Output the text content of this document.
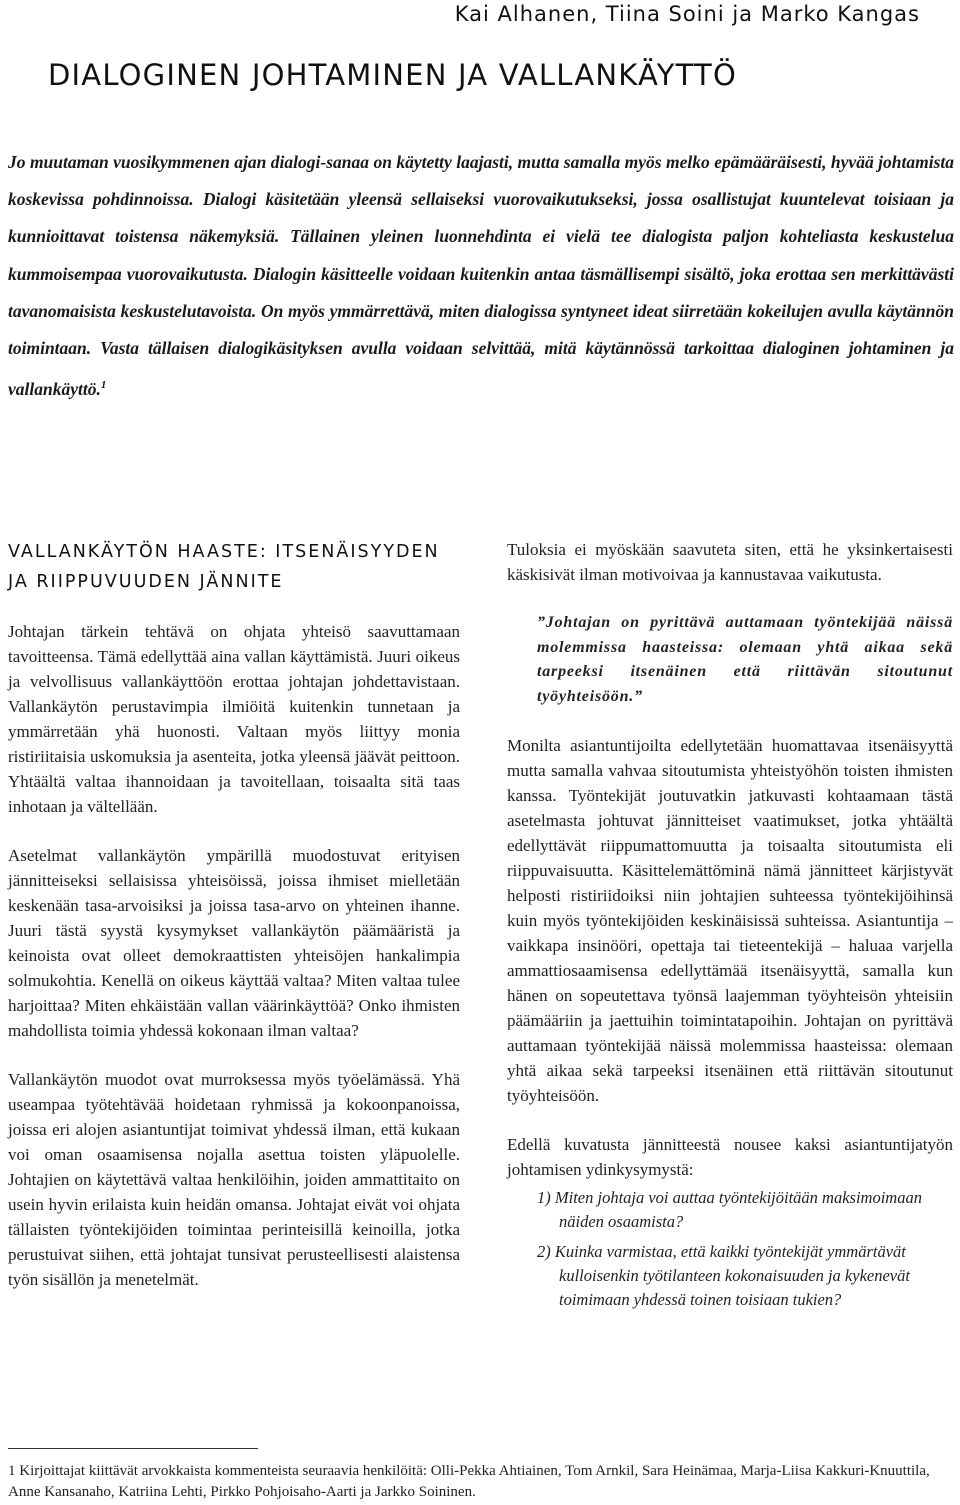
Kai Alhanen, Tiina Soini ja Marko Kangas
DIALOGINEN JOHTAMINEN JA VALLANKÄYTTÖ

Jo muutaman vuosikymmenen ajan dialogi-sanaa on käytetty laajasti, mutta samalla myös melko epämääräisesti, hyvää johtamista koskevissa pohdinnoissa. Dialogi käsitetään yleensä sellaiseksi vuorovaikutukseksi, jossa osallistujat kuuntelevat toisiaan ja kunnioittavat toistensa näkemyksiä. Tällainen yleinen luonnehdinta ei vielä tee dialogista paljon kohteliasta keskustelua kummoisempaa vuorovaikutusta. Dialogin käsitteelle voidaan kuitenkin antaa täsmällisempi sisältö, joka erottaa sen merkittävästi tavanomaisista keskustelutavoista. On myös ymmärrettävä, miten dialogissa syntyneet ideat siirretään kokeilujen avulla käytännön toimintaan. Vasta tällaisen dialogikäsityksen avulla voidaan selvittää, mitä käytännössä tarkoittaa dialoginen johtaminen ja vallankäyttö.$^1$

VALLANKÄYTÖN HAASTE: ITSENÄISYYDEN
JA RIIPPUVUUDEN JÄNNITE

Johtajan tärkein tehtävä on ohjata yhteisö saavuttamaan tavoitteensa. Tämä edellyttää aina vallan käyttämistä. Juuri oikeus ja velvollisuus vallankäyttöön erottaa johtajan johdettavistaan. Vallankäytön perustavimpia ilmiöitä kuitenkin tunnetaan ja ymmärretään yhä huonosti. Valtaan myös liittyy monia ristiriitaisia uskomuksia ja asenteita, jotka yleensä jäävät peittoon. Yhtäältä valtaa ihannoidaan ja tavoitellaan, toisaalta sitä taas inhotaan ja vältellään.

Asetelmat vallankäytön ympärillä muodostuvat erityisen jännitteiseksi sellaisissa yhteisöissä, joissa ihmiset mielletään keskenään tasa-arvoisiksi ja joissa tasa-arvo on yhteinen ihanne. Juuri tästä syystä kysymykset vallankäytön päämääristä ja keinoista ovat olleet demokraattisten yhteisöjen hankalimpia solmukohtia. Kenellä on oikeus käyttää valtaa? Miten valtaa tulee harjoittaa? Miten ehkäistään vallan väärinkäyttöä? Onko ihmisten mahdollista toimia yhdessä kokonaan ilman valtaa?

Vallankäytön muodot ovat murroksessa myös työelämässä. Yhä useampaa työtehtävää hoidetaan ryhmissä ja kokoonpanoissa, joissa eri alojen asiantuntijat toimivat yhdessä ilman, että kukaan voi oman osaamisensa nojalla asettua toisten yläpuolelle. Johtajien on käytettävä valtaa henkilöihin, joiden ammattitaito on usein hyvin erilaista kuin heidän omansa. Johtajat eivät voi ohjata tällaisten työntekijöiden toimintaa perinteisillä keinoilla, jotka perustuivat siihen, että johtajat tunsivat perusteellisesti alaistensa työn sisällön ja menetelmät.

Tuloksia ei myöskään saavuteta siten, että he yksinkertaisesti käskisivät ilman motivoivaa ja kannustavaa vaikutusta.

”Johtajan on pyrittävä auttamaan työntekijää näissä molemmissa haasteissa: olemaan yhtä aikaa sekä tarpeeksi itsenäinen että riittävän sitoutunut työyhteisöön.”

Monilta asiantuntijoilta edellytetään huomattavaa itsenäisyyttä mutta samalla vahvaa sitoutumista yhteistyöhön toisten ihmisten kanssa. Työntekijät joutuvatkin jatkuvasti kohtaamaan tästä asetelmasta johtuvat jännitteiset vaatimukset, jotka yhtäältä edellyttävät riippumattomuutta ja toisaalta sitoutumista eli riippuvaisuutta. Käsittelemättöminä nämä jännitteet kärjistyvät helposti ristiriidoiksi niin johtajien suhteessa työntekijöihinsä kuin myös työntekijöiden keskinäisissä suhteissa. Asiantuntija – vaikkapa insinööri, opettaja tai tieteentekijä – haluaa varjella ammattiosaamisensa edellyttämää itsenäisyyttä, samalla kun hänen on sopeutettava työnsä laajemman työyhteisön yhteisiin päämääriin ja jaettuihin toimintatapoihin. Johtajan on pyrittävä auttamaan työntekijää näissä molemmissa haasteissa: olemaan yhtä aikaa sekä tarpeeksi itsenäinen että riittävän sitoutunut työyhteisöön.

Edellä kuvatusta jännitteestä nousee kaksi asiantuntijatyön johtamisen ydinkysymystä:

1) Miten johtaja voi auttaa työntekijöitään maksimoimaan näiden osaamista?
2) Kuinka varmistaa, että kaikki työntekijät ymmärtävät kulloisenkin työtilanteen kokonaisuuden ja kykenevät toimimaan yhdessä toinen toisiaan tukien?

1 Kirjoittajat kiittävät arvokkaista kommenteista seuraavia henkilöitä: Olli-Pekka Ahtiainen, Tom Arnkil, Sara Heinämaa, Marja-Liisa Kakkuri-Knuuttila, Anne Kansanaho, Katriina Lehti, Pirkko Pohjoisaho-Aarti ja Jarkko Soininen.
